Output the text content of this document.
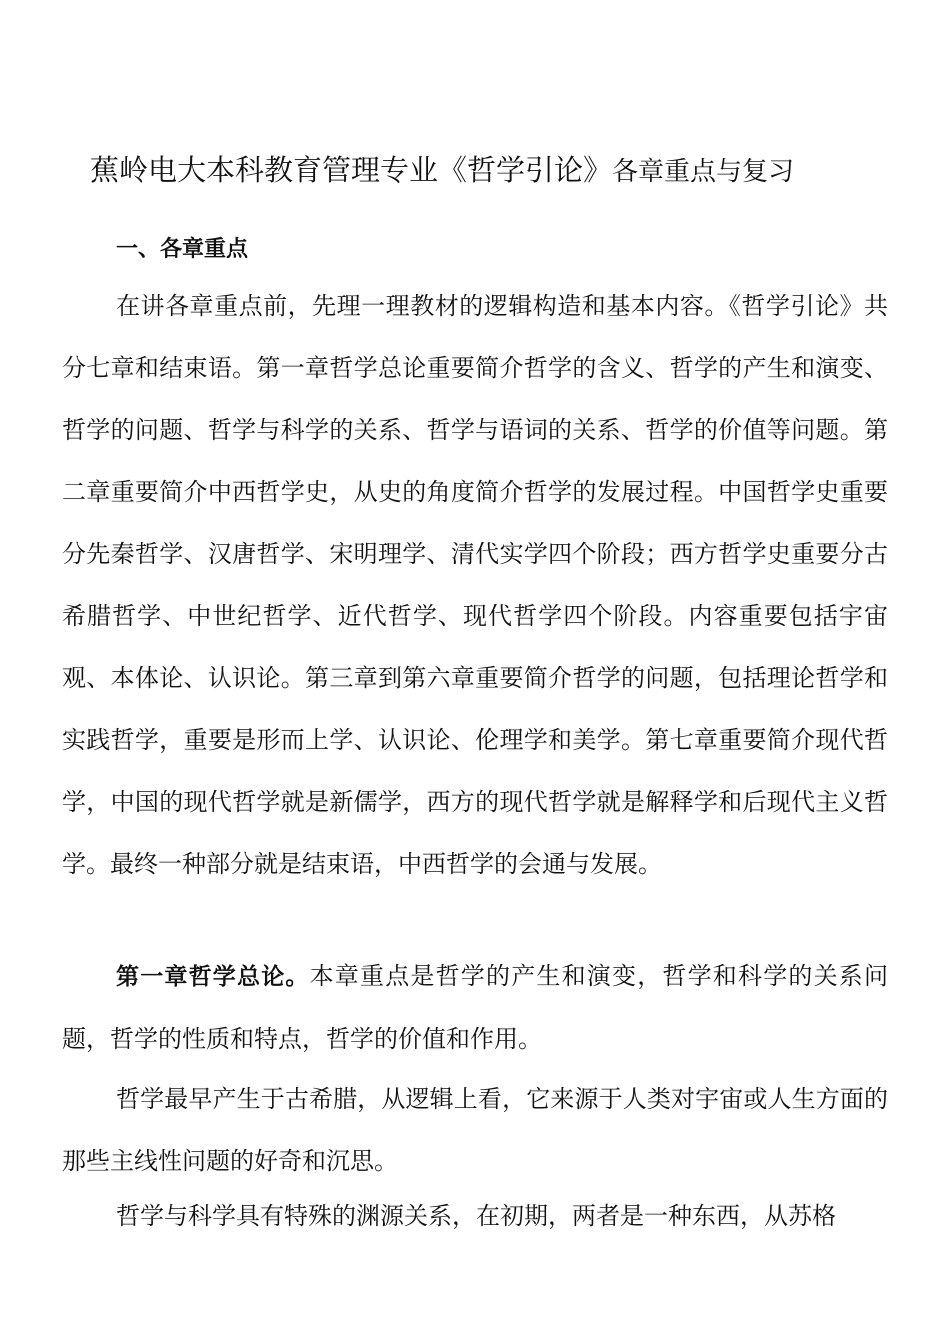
蕉岭电大本科教育管理专业《哲学引论》各章重点与复习
一、各章重点

在讲各章重点前，先理一理教材的逻辑构造和基本内容。《哲学引论》共分七章和结束语。第一章哲学总论重要简介哲学的含义、哲学的产生和演变、哲学的问题、哲学与科学的关系、哲学与语词的关系、哲学的价值等问题。第二章重要简介中西哲学史，从史的角度简介哲学的发展过程。中国哲学史重要分先秦哲学、汉唐哲学、宋明理学、清代实学四个阶段；西方哲学史重要分古希腊哲学、中世纪哲学、近代哲学、现代哲学四个阶段。内容重要包括宇宙观、本体论、认识论。第三章到第六章重要简介哲学的问题，包括理论哲学和实践哲学，重要是形而上学、认识论、伦理学和美学。第七章重要简介现代哲学，中国的现代哲学就是新儒学，西方的现代哲学就是解释学和后现代主义哲学。最终一种部分就是结束语，中西哲学的会通与发展。

第一章哲学总论。本章重点是哲学的产生和演变，哲学和科学的关系问题，哲学的性质和特点，哲学的价值和作用。

哲学最早产生于古希腊，从逻辑上看，它来源于人类对宇宙或人生方面的那些主线性问题的好奇和沉思。

哲学与科学具有特殊的渊源关系，在初期，两者是一种东西，从苏格
